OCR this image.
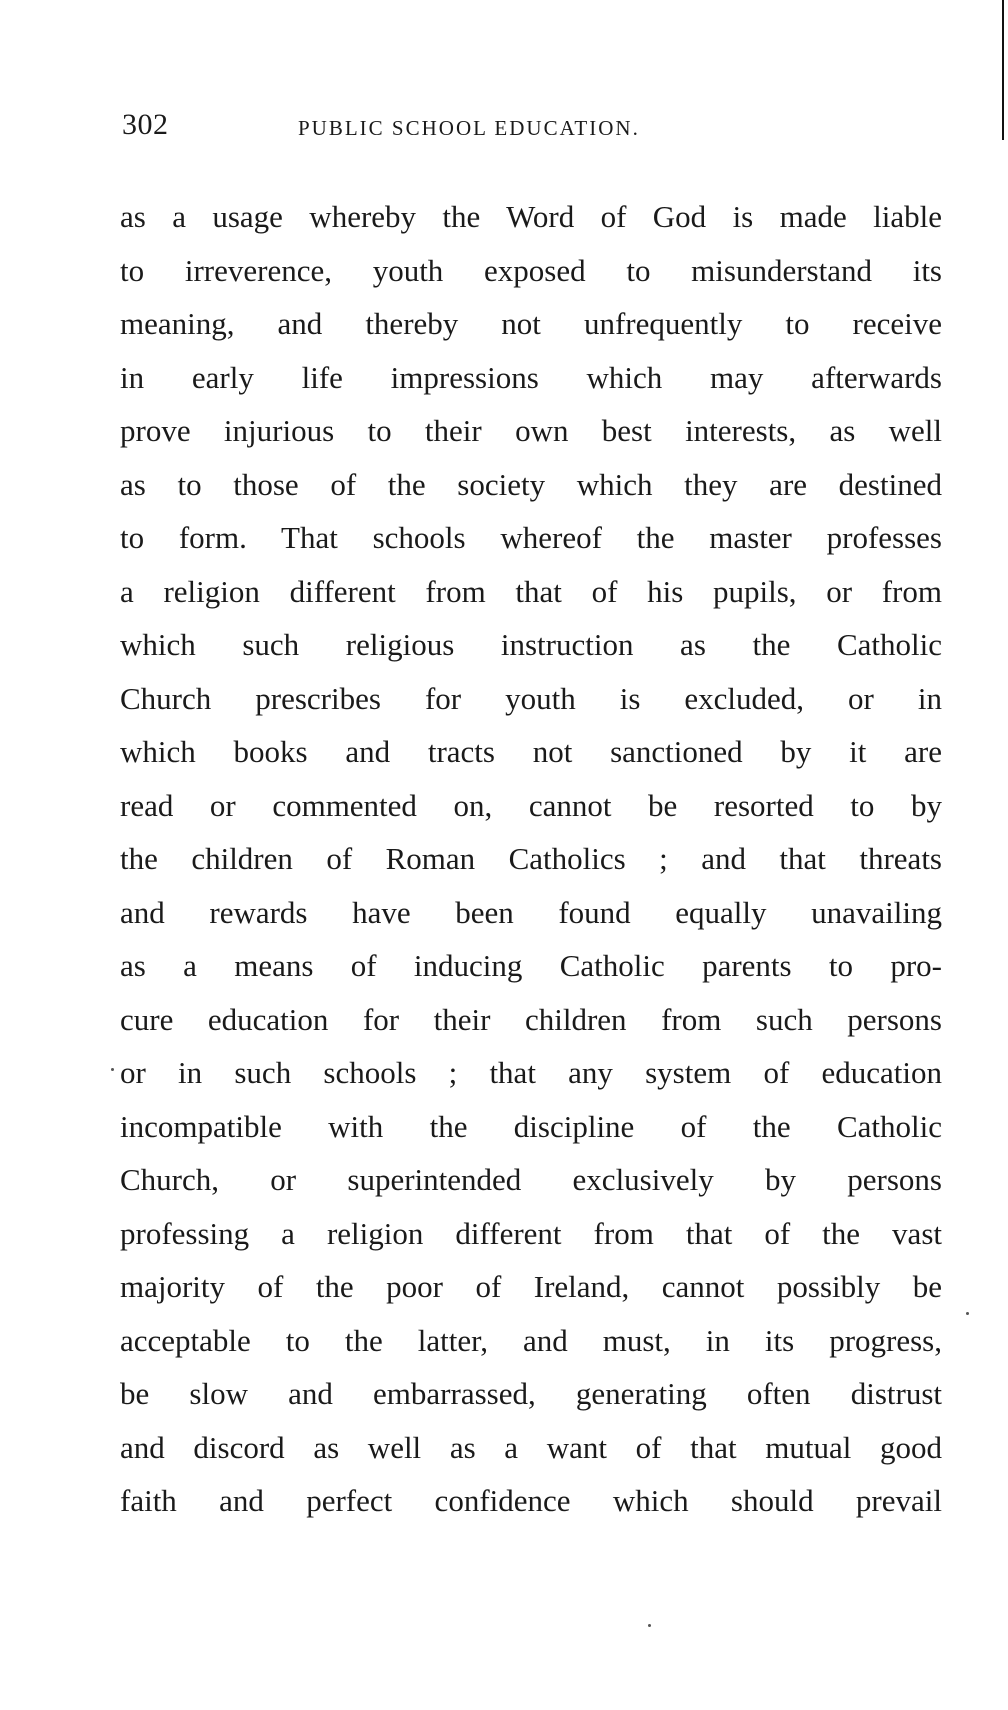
302	PUBLIC SCHOOL EDUCATION.
as a usage whereby the Word of God is made liable
to irreverence, youth exposed to misunderstand its
meaning, and thereby not unfrequently to receive
in early life impressions which may afterwards
prove injurious to their own best interests, as well
as to those of the society which they are destined
to form. That schools whereof the master professes
a religion different from that of his pupils, or from
which such religious instruction as the Catholic
Church prescribes for youth is excluded, or in
which books and tracts not sanctioned by it are
read or commented on, cannot be resorted to by
the children of Roman Catholics ; and that threats
and rewards have been found equally unavailing
as a means of inducing Catholic parents to pro-
cure education for their children from such persons
or in such schools ; that any system of education
incompatible with the discipline of the Catholic
Church, or superintended exclusively by persons
professing a religion different from that of the vast
majority of the poor of Ireland, cannot possibly be
acceptable to the latter, and must, in its progress,
be slow and embarrassed, generating often distrust
and discord as well as a want of that mutual good
faith and perfect confidence which should prevail
